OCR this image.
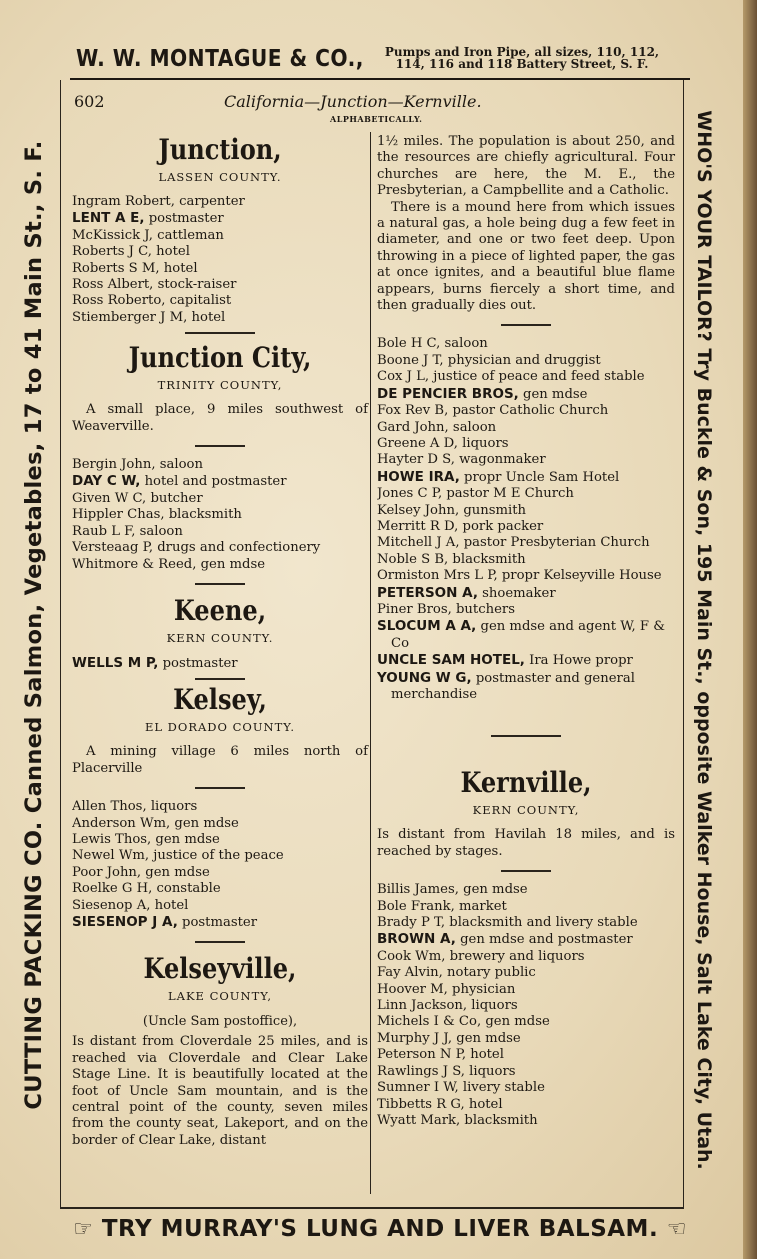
W. W. MONTAGUE & CO.,	Pumps and Iron Pipe, all sizes, 110, 112,
114, 116 and 118 Battery Street, S. F.
CUTTING PACKING CO. Canned Salmon, Vegetables, 17 to 41 Main St., S. F.	WHO'S YOUR TAILOR? Try Buckle & Son, 195 Main St., opposite Walker House, Salt Lake City, Utah.
602	California—Junction—Kernville.
ALPHABETICALLY.
Junction,
LASSEN COUNTY.
Ingram Robert, carpenter
LENT A E, postmaster
McKissick J, cattleman
Roberts J C, hotel
Roberts S M, hotel
Ross Albert, stock-raiser
Ross Roberto, capitalist
Stiemberger J M, hotel
Junction City,
TRINITY COUNTY,

A small place, 9 miles southwest of Weaverville.

Bergin John, saloon
DAY C W, hotel and postmaster
Given W C, butcher
Hippler Chas, blacksmith
Raub L F, saloon
Versteaag P, drugs and confectionery
Whitmore & Reed, gen mdse
Keene,
KERN COUNTY.
WELLS M P, postmaster
Kelsey,
EL DORADO COUNTY.

A mining village 6 miles north of Placerville

Allen Thos, liquors
Anderson Wm, gen mdse
Lewis Thos, gen mdse
Newel Wm, justice of the peace
Poor John, gen mdse
Roelke G H, constable
Siesenop A, hotel
SIESENOP J A, postmaster
Kelseyville,
LAKE COUNTY,
(Uncle Sam postoffice),

Is distant from Cloverdale 25 miles, and is reached via Cloverdale and Clear Lake Stage Line. It is beautifully located at the foot of Uncle Sam mountain, and is the central point of the county, seven miles from the county seat, Lakeport, and on the border of Clear Lake, distant

1½ miles. The population is about 250, and the resources are chiefly agricultural. Four churches are here, the M. E., the Presbyterian, a Campbellite and a Catholic.

There is a mound here from which issues a natural gas, a hole being dug a few feet in diameter, and one or two feet deep. Upon throwing in a piece of lighted paper, the gas at once ignites, and a beautiful blue flame appears, burns fiercely a short time, and then gradually dies out.

Bole H C, saloon
Boone J T, physician and druggist
Cox J L, justice of peace and feed stable
DE PENCIER BROS, gen mdse
Fox Rev B, pastor Catholic Church
Gard John, saloon
Greene A D, liquors
Hayter D S, wagonmaker
HOWE IRA, propr Uncle Sam Hotel
Jones C P, pastor M E Church
Kelsey John, gunsmith
Merritt R D, pork packer
Mitchell J A, pastor Presbyterian Church
Noble S B, blacksmith
Ormiston Mrs L P, propr Kelseyville House
PETERSON A, shoemaker
Piner Bros, butchers
SLOCUM A A, gen mdse and agent W, F & Co
UNCLE SAM HOTEL, Ira Howe propr
YOUNG W G, postmaster and general merchandise
Kernville,
KERN COUNTY,

Is distant from Havilah 18 miles, and is reached by stages.

Billis James, gen mdse
Bole Frank, market
Brady P T, blacksmith and livery stable
BROWN A, gen mdse and postmaster
Cook Wm, brewery and liquors
Fay Alvin, notary public
Hoover M, physician
Linn Jackson, liquors
Michels I & Co, gen mdse
Murphy J J, gen mdse
Peterson N P, hotel
Rawlings J S, liquors
Sumner I W, livery stable
Tibbetts R G, hotel
Wyatt Mark, blacksmith
☞ TRY MURRAY'S LUNG AND LIVER BALSAM. ☜
